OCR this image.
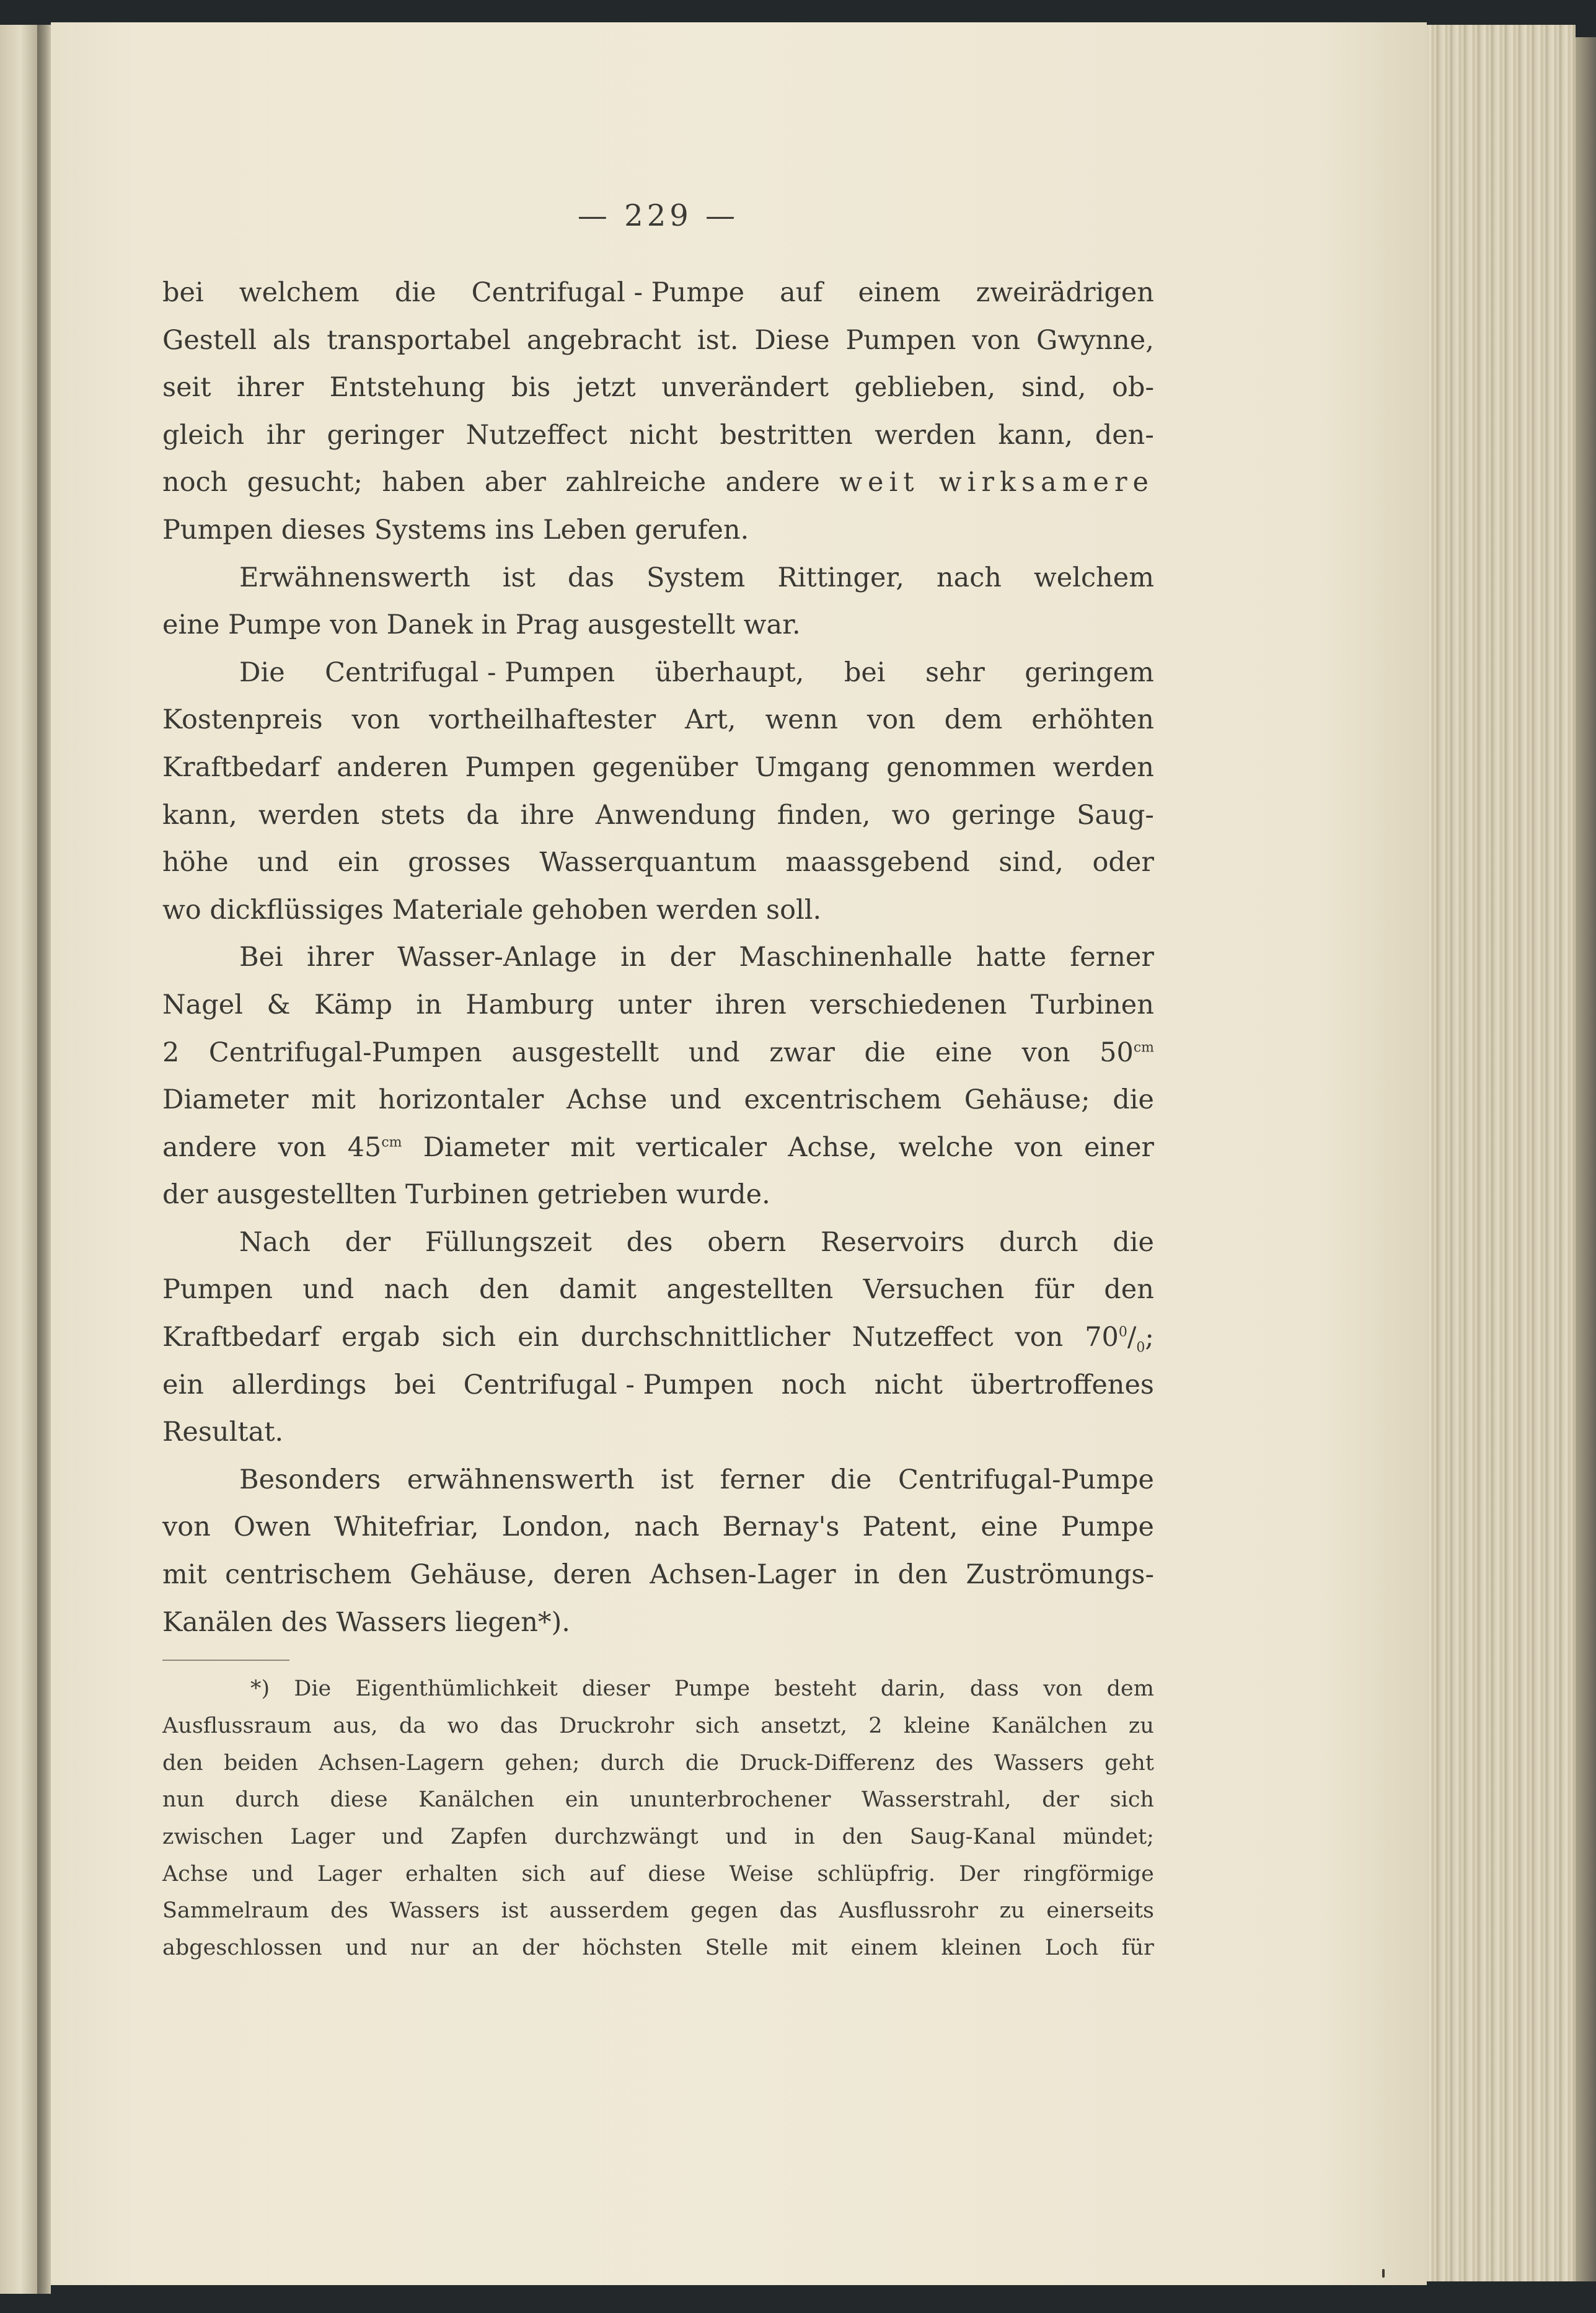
— 229 —
bei welchem die Centrifugal - Pumpe auf einem zweirädrigen
Gestell als transportabel angebracht ist. Diese Pumpen von Gwynne,
seit ihrer Entstehung bis jetzt unverändert geblieben, sind, ob-
gleich ihr geringer Nutzeffect nicht bestritten werden kann, den-
noch gesucht; haben aber zahlreiche andere weit wirksamere
Pumpen
dieses
Systems
ins
Leben
gerufen.
Erwähnenswerth ist das System Rittinger, nach welchem
eine
Pumpe
von
Danek
in
Prag
ausgestellt
war.
Die Centrifugal - Pumpen überhaupt, bei sehr geringem
Kostenpreis von vortheilhaftester Art, wenn von dem erhöhten
Kraftbedarf anderen Pumpen gegenüber Umgang genommen werden
kann, werden stets da ihre Anwendung finden, wo geringe Saug-
höhe und ein grosses Wasserquantum maassgebend sind, oder
wo
dickflüssiges
Materiale
gehoben
werden
soll.
Bei ihrer Wasser-Anlage in der Maschinenhalle hatte ferner
Nagel & Kämp in Hamburg unter ihren verschiedenen Turbinen
2 Centrifugal-Pumpen ausgestellt und zwar die eine von $50^{cm}$
Diameter mit horizontaler Achse und excentrischem Gehäuse; die
andere von $45^{cm}$ Diameter mit verticaler Achse, welche von einer
der
ausgestellten
Turbinen
getrieben
wurde.
Nach der Füllungszeit des obern Reservoirs durch die
Pumpen und nach den damit angestellten Versuchen für den
Kraftbedarf ergab sich ein durchschnittlicher Nutzeffect von $70^0/_0$;
ein allerdings bei Centrifugal - Pumpen noch nicht übertroffenes
Resultat.
Besonders erwähnenswerth ist ferner die Centrifugal-Pumpe
von Owen Whitefriar, London, nach Bernay's Patent, eine Pumpe
mit centrischem Gehäuse, deren Achsen-Lager in den Zuströmungs-
Kanälen
des
Wassers
liegen *).
*) Die Eigenthümlichkeit dieser Pumpe besteht darin, dass von dem
Ausflussraum aus, da wo das Druckrohr sich ansetzt, 2 kleine Kanälchen zu
den beiden Achsen-Lagern gehen; durch die Druck-Differenz des Wassers geht
nun durch diese Kanälchen ein ununterbrochener Wasserstrahl, der sich
zwischen Lager und Zapfen durchzwängt und in den Saug-Kanal mündet;
Achse und Lager erhalten sich auf diese Weise schlüpfrig. Der ringförmige
Sammelraum des Wassers ist ausserdem gegen das Ausflussrohr zu einerseits
abgeschlossen und nur an der höchsten Stelle mit einem kleinen Loch für
